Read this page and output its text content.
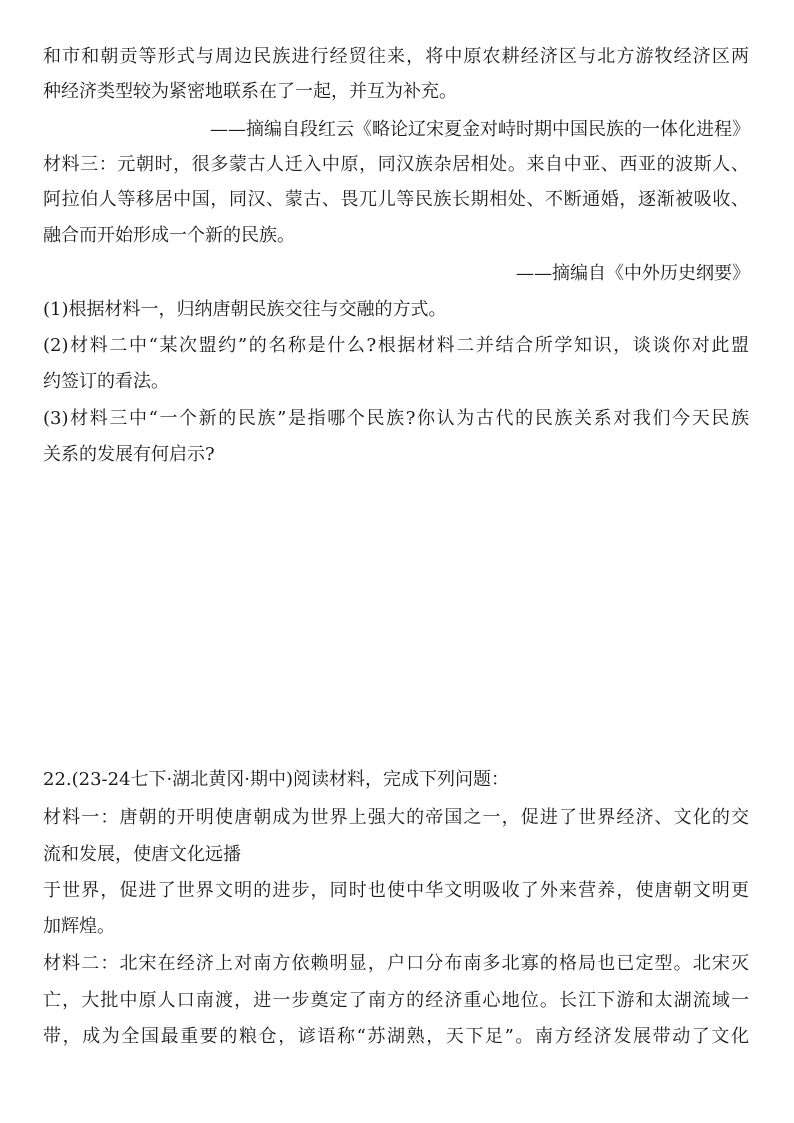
和市和朝贡等形式与周边民族进行经贸往来，将中原农耕经济区与北方游牧经济区两
种经济类型较为紧密地联系在了一起，并互为补充。
——摘编自段红云《略论辽宋夏金对峙时期中国民族的一体化进程》
材料三：元朝时，很多蒙古人迁入中原，同汉族杂居相处。来自中亚、西亚的波斯人、
阿拉伯人等移居中国，同汉、蒙古、畏兀儿等民族长期相处、不断通婚，逐渐被吸收、
融合而开始形成一个新的民族。
——摘编自《中外历史纲要》
(1)根据材料一，归纳唐朝民族交往与交融的方式。
(2)材料二中“某次盟约”的名称是什么?根据材料二并结合所学知识，谈谈你对此盟
约签订的看法。
(3)材料三中“一个新的民族”是指哪个民族?你认为古代的民族关系对我们今天民族
关系的发展有何启示?
22.(23-24七下·湖北黄冈·期中)阅读材料，完成下列问题：
材料一：唐朝的开明使唐朝成为世界上强大的帝国之一，促进了世界经济、文化的交
流和发展，使唐文化远播
于世界，促进了世界文明的进步，同时也使中华文明吸收了外来营养，使唐朝文明更
加辉煌。
材料二：北宋在经济上对南方依赖明显，户口分布南多北寡的格局也已定型。北宋灭
亡，大批中原人口南渡，进一步奠定了南方的经济重心地位。长江下游和太湖流域一
带，成为全国最重要的粮仓，谚语称“苏湖熟，天下足”。南方经济发展带动了文化
